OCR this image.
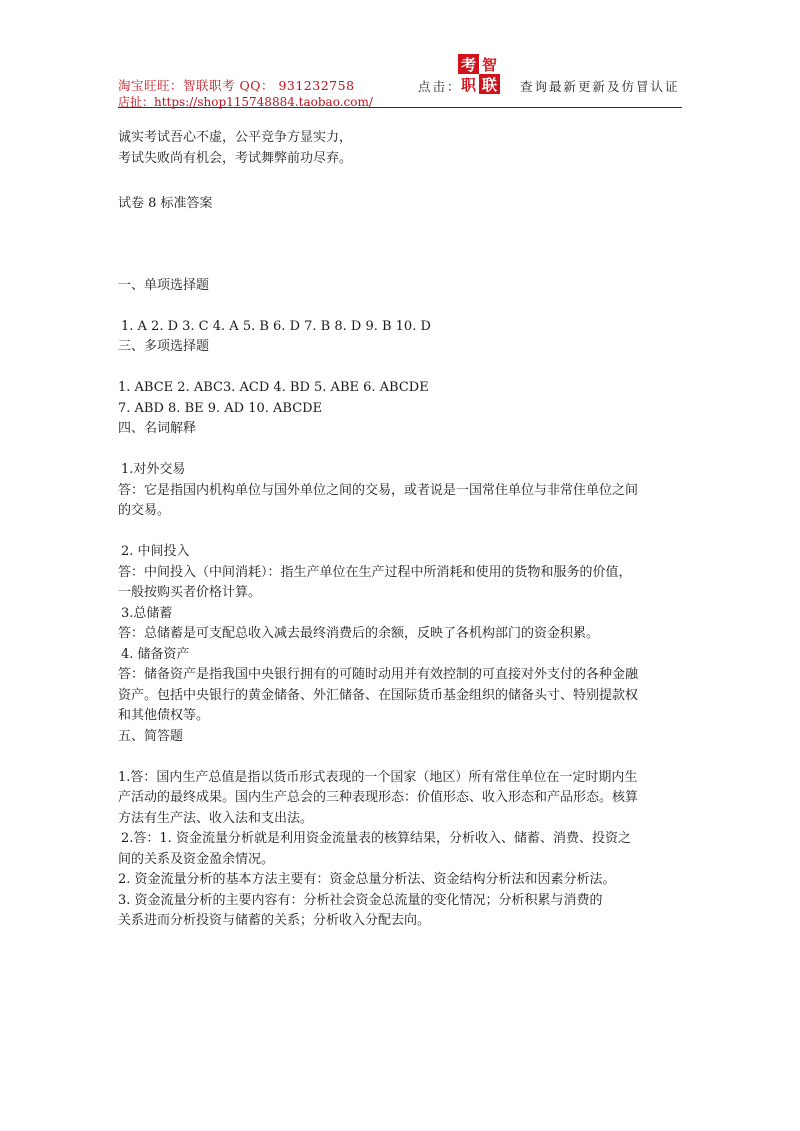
淘宝旺旺：智联职考 QQ： 931232758
店扯：https://shop115748884.taobao.com/
点击：
考 智
职 联 查询最新更新及仿冒认证

诚实考试吾心不虚，公平竞争方显实力，

考试失败尚有机会，考试舞弊前功尽弃。

试卷 8 标准答案

一、单项选择题

1. A 2. D 3. C 4. A 5. B 6. D 7. B 8. D 9. B 10. D

三、多项选择题

1. ABCE 2. ABC3. ACD 4. BD 5. ABE 6. ABCDE

7. ABD 8. BE 9. AD 10. ABCDE

四、名词解释

1.对外交易

答：它是指国内机构单位与国外单位之间的交易，或者说是一国常住单位与非常住单位之间

的交易。

2. 中间投入

答：中间投入（中间消耗）：指生产单位在生产过程中所消耗和使用的货物和服务的价值，

一般按购买者价格计算。

3.总储蓄

答：总储蓄是可支配总收入减去最终消费后的余额，反映了各机构部门的资金积累。

4. 储备资产

答：储备资产是指我国中央银行拥有的可随时动用并有效控制的可直接对外支付的各种金融

资产。包括中央银行的黄金储备、外汇储备、在国际货币基金组织的储备头寸、特别提款权

和其他债权等。

五、简答题

1.答：国内生产总值是指以货币形式表现的一个国家（地区）所有常住单位在一定时期内生

产活动的最终成果。国内生产总会的三种表现形态：价值形态、收入形态和产品形态。核算

方法有生产法、收入法和支出法。

2.答：1. 资金流量分析就是利用资金流量表的核算结果，分析收入、储蓄、消费、投资之

间的关系及资金盈余情况。

2. 资金流量分析的基本方法主要有：资金总量分析法、资金结构分析法和因素分析法。

3. 资金流量分析的主要内容有：分析社会资金总流量的变化情况；分析积累与消费的

关系进而分析投资与储蓄的关系；分析收入分配去向。
